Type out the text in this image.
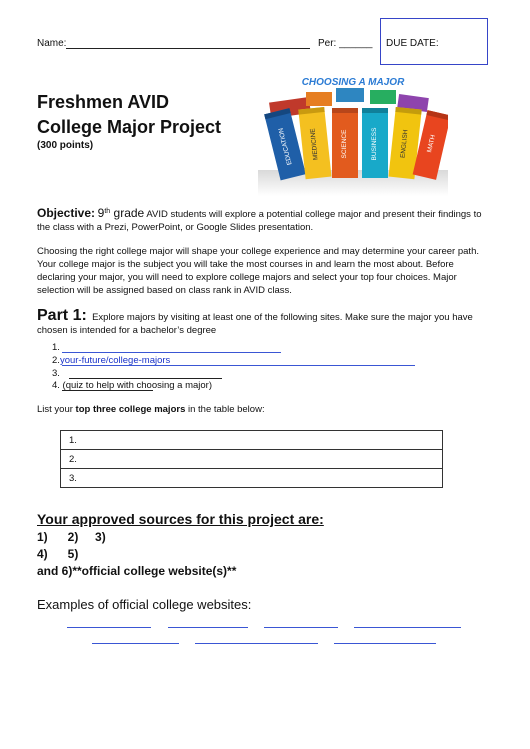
Name:	Per: ______ DUE DATE:
Freshmen AVID
College Major Project
(300 points)
CHOOSING A MAJOR
EDUCATION MEDICINE	SCIENCE	BUSINESS	ENGLISH	MATH
Objective: 9th grade AVID students will explore a potential college major and present their findings to the class with a Prezi, PowerPoint, or Google Slides presentation.
Choosing the right college major will shape your college experience and may determine your career path. Your college major is the subject you will take the most courses in and learn the most about. Before declaring your major, you will need to explore college majors and select your top four choices. Major selection will be assigned based on class rank in AVID class.
Part 1: Explore majors by visiting at least one of the following sites. Make sure the major you have chosen is intended for a bachelor’s degree
1.
2.your-future/college-majors
3.
4. (quiz to help with choosing a major)
List your top three college majors in the table below:
1.
2.
3.
Your approved sources for this project are:
1)      2)     3)
4)      5)
and 6)**official college website(s)**
Examples of official college websites:
